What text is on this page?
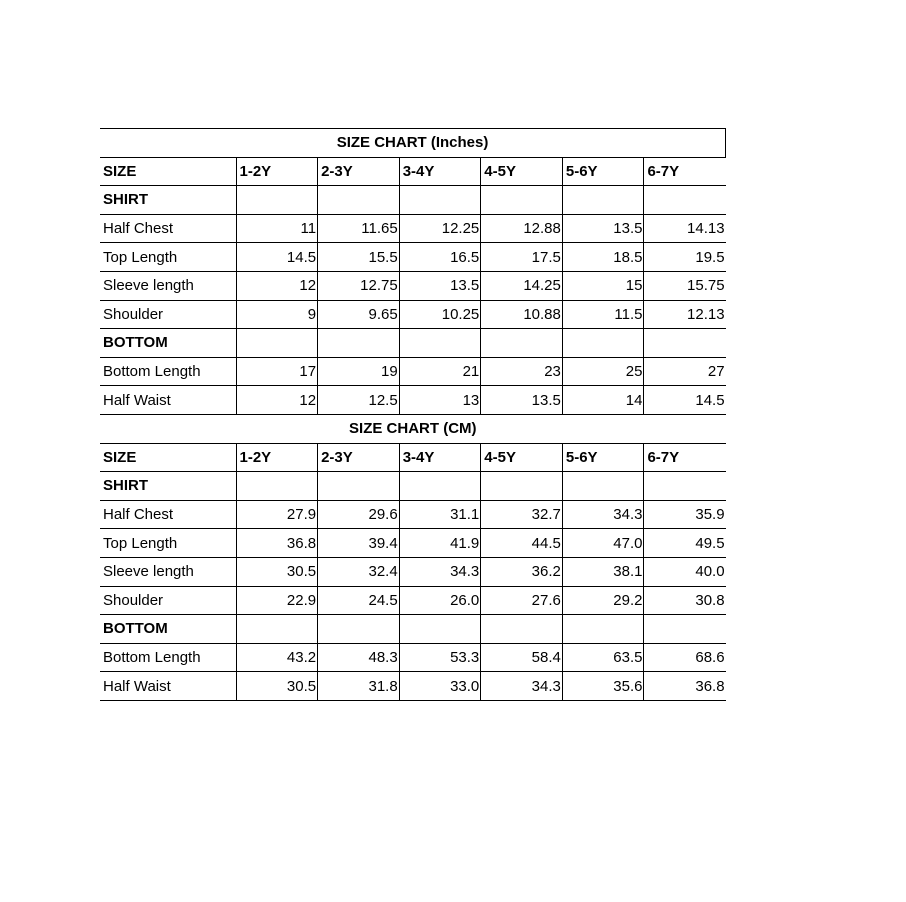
SIZE CHART (Inches)						
SIZE	1-2Y	2-3Y	3-4Y	4-5Y	5-6Y	6-7Y
SHIRT						
Half Chest	11	11.65	12.25	12.88	13.5	14.13
Top Length	14.5	15.5	16.5	17.5	18.5	19.5
Sleeve length	12	12.75	13.5	14.25	15	15.75
Shoulder	9	9.65	10.25	10.88	11.5	12.13
BOTTOM						
Bottom Length	17	19	21	23	25	27
Half Waist	12	12.5	13	13.5	14	14.5
SIZE CHART (CM)						
SIZE	1-2Y	2-3Y	3-4Y	4-5Y	5-6Y	6-7Y
SHIRT						
Half Chest	27.9	29.6	31.1	32.7	34.3	35.9
Top Length	36.8	39.4	41.9	44.5	47.0	49.5
Sleeve length	30.5	32.4	34.3	36.2	38.1	40.0
Shoulder	22.9	24.5	26.0	27.6	29.2	30.8
BOTTOM						
Bottom Length	43.2	48.3	53.3	58.4	63.5	68.6
Half Waist	30.5	31.8	33.0	34.3	35.6	36.8
